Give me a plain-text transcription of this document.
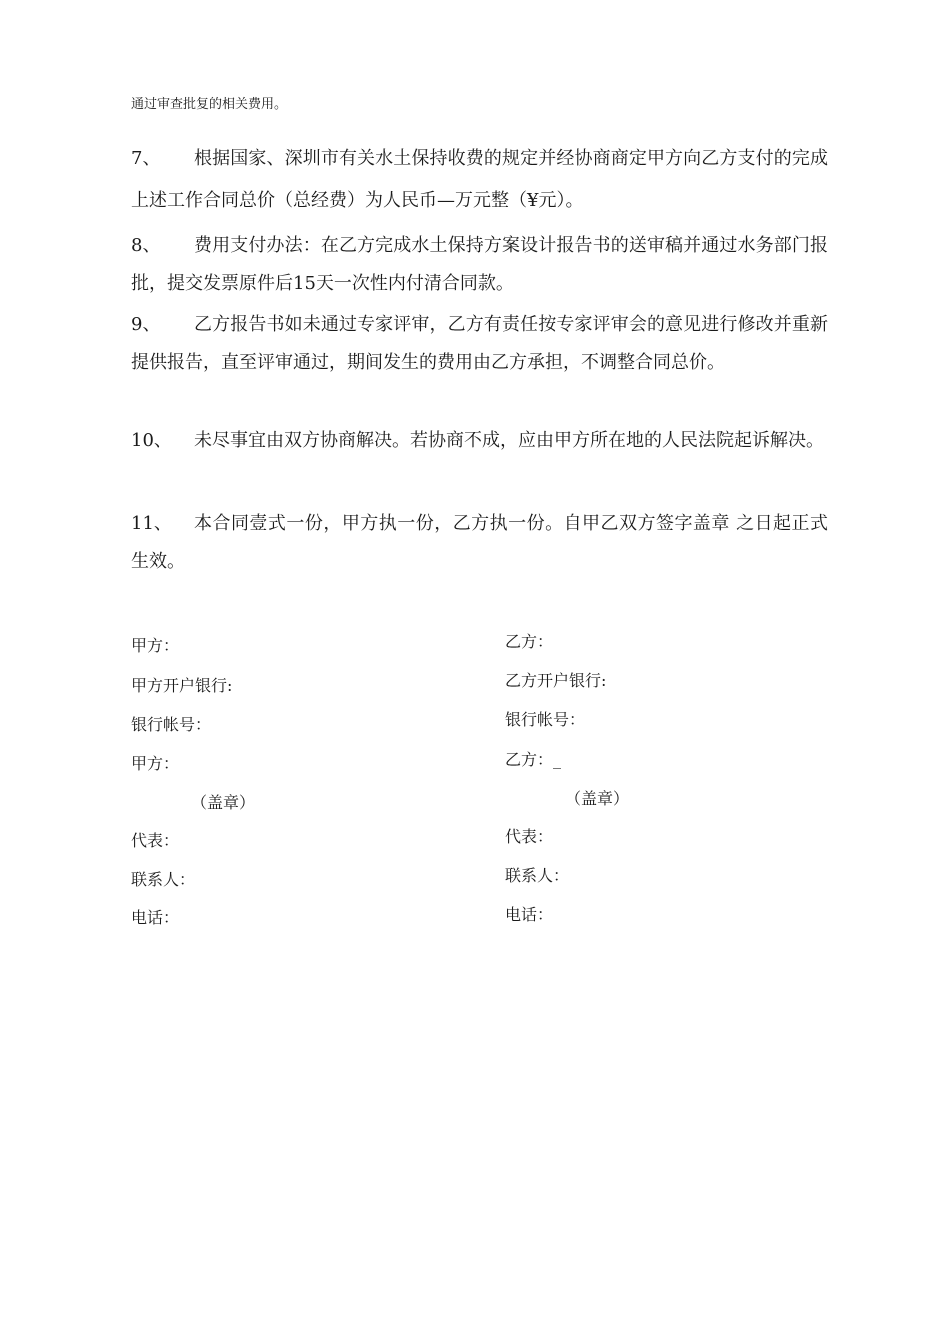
通过审查批复的相关费用。
7、	根据国家、深圳市有关水土保持收费的规定并经协商商定甲方向乙方支付的完成上述工作合同总价（总经费）为人民币—万元整（¥元）。
8、	费用支付办法：在乙方完成水土保持方案设计报告书的送审稿并通过水务部门报批，提交发票原件后15天一次性内付清合同款。
9、	乙方报告书如未通过专家评审，乙方有责任按专家评审会的意见进行修改并重新提供报告，直至评审通过，期间发生的费用由乙方承担，不调整合同总价。
10、	未尽事宜由双方协商解决。若协商不成，应由甲方所在地的人民法院起诉解决。
11、	本合同壹式一份，甲方执一份，乙方执一份。自甲乙双方签字盖章 之日起正式生效。
甲方：
甲方开户银行:
银行帐号：
甲方：
（盖章）
代表：
联系人：
电话：
乙方：
乙方开户银行:
银行帐号：
乙方：_
（盖章）
代表：
联系人：
电话：
